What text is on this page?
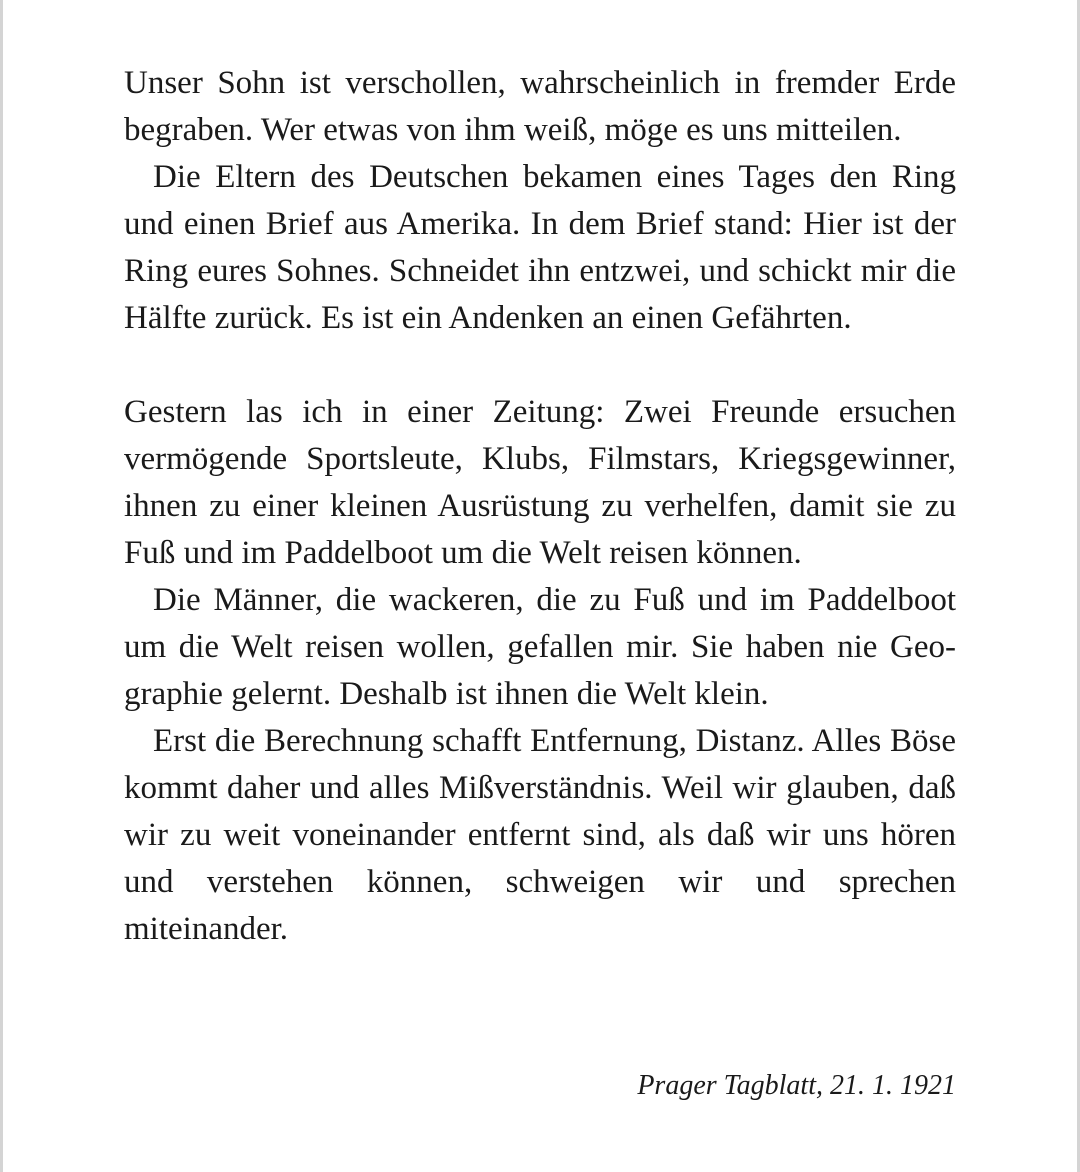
Unser Sohn ist verschollen, wahrscheinlich in fremder Erde begraben. Wer etwas von ihm weiß, möge es uns mitteilen.

Die Eltern des Deutschen bekamen eines Tages den Ring und einen Brief aus Amerika. In dem Brief stand: Hier ist der Ring eures Sohnes. Schneidet ihn entzwei, und schickt mir die Hälfte zurück. Es ist ein Andenken an einen Gefährten.

Gestern las ich in einer Zeitung: Zwei Freunde ersuchen vermögende Sportsleute, Klubs, Filmstars, Kriegsgewinner, ihnen zu einer kleinen Ausrüstung zu verhelfen, damit sie zu Fuß und im Paddelboot um die Welt reisen können.

Die Männer, die wackeren, die zu Fuß und im Paddelboot um die Welt reisen wollen, gefallen mir. Sie haben nie Geographie gelernt. Deshalb ist ihnen die Welt klein.

Erst die Berechnung schafft Entfernung, Distanz. Alles Böse kommt daher und alles Mißverständnis. Weil wir glauben, daß wir zu weit voneinander entfernt sind, als daß wir uns hören und verstehen können, schweigen wir und sprechen miteinander.

Prager Tagblatt, 21. 1. 1921
